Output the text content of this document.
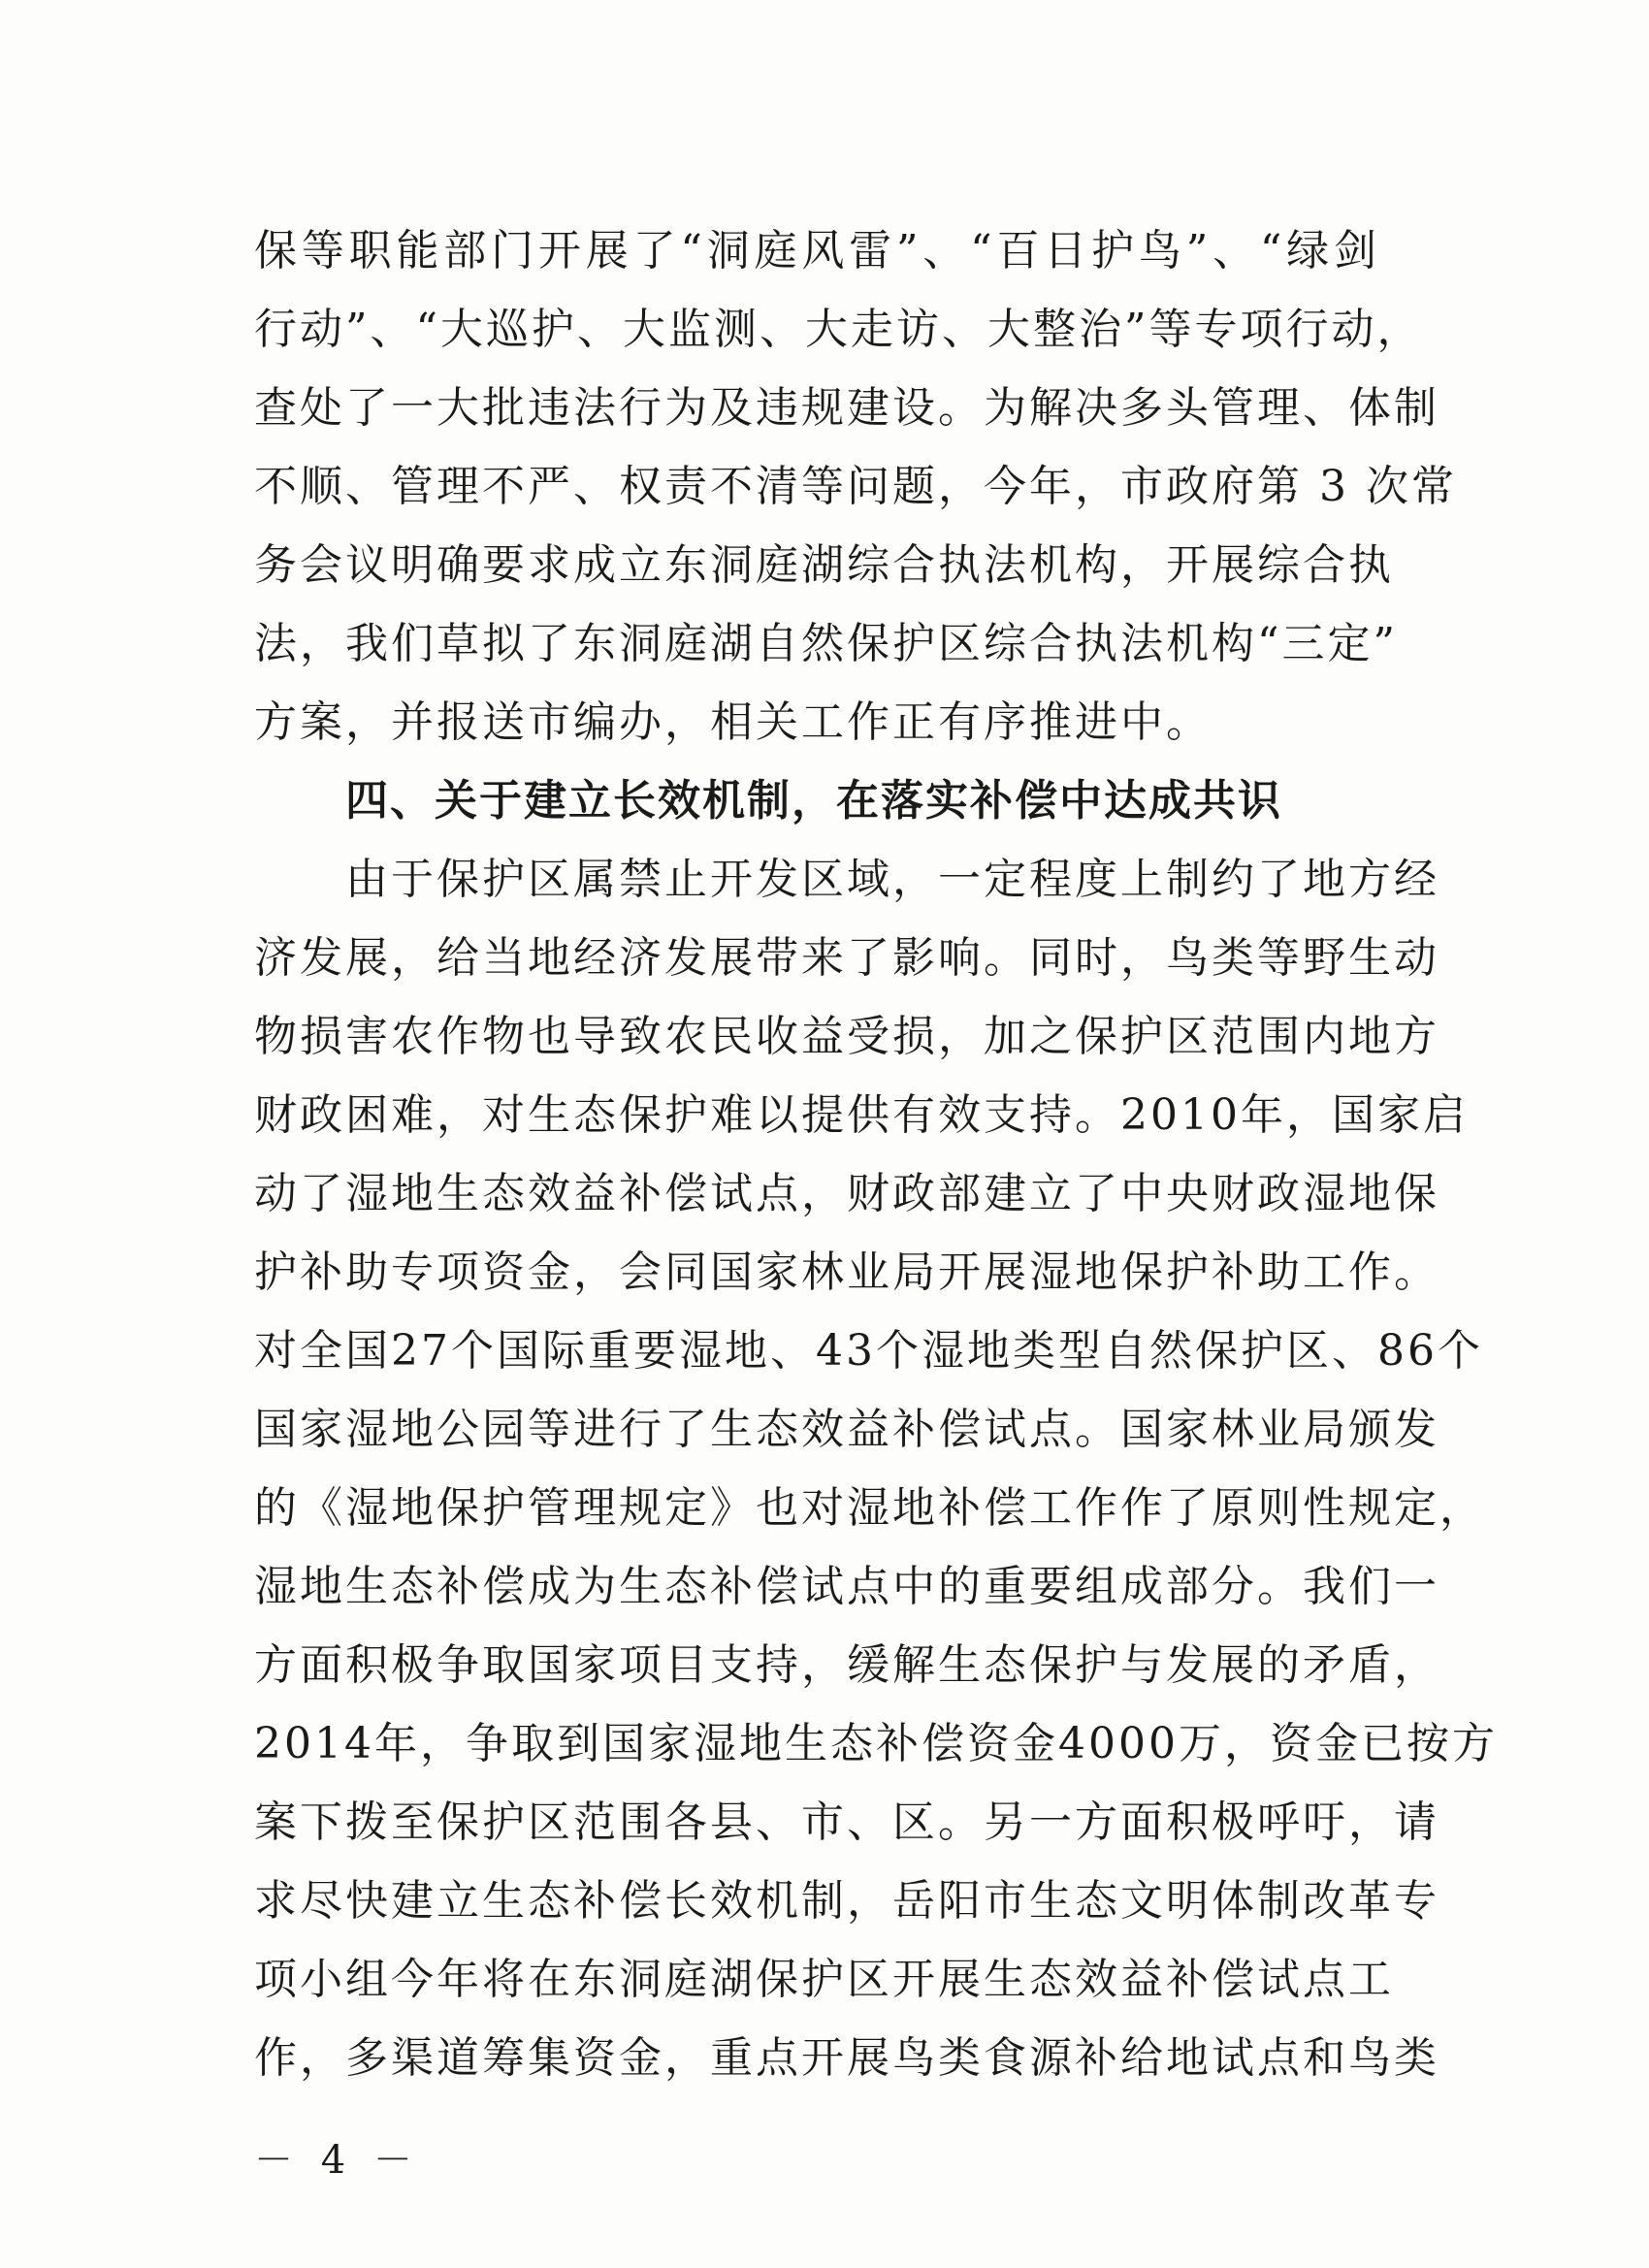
保等职能部门开展了“洞庭风雷”、“百日护鸟”、“绿剑
行动”、“大巡护、大监测、大走访、大整治”等专项行动，
查处了一大批违法行为及违规建设。为解决多头管理、体制
不顺、管理不严、权责不清等问题，今年，市政府第 3 次常
务会议明确要求成立东洞庭湖综合执法机构，开展综合执
法，我们草拟了东洞庭湖自然保护区综合执法机构“三定”
方案，并报送市编办，相关工作正有序推进中。
四、关于建立长效机制，在落实补偿中达成共识
由于保护区属禁止开发区域，一定程度上制约了地方经
济发展，给当地经济发展带来了影响。同时，鸟类等野生动
物损害农作物也导致农民收益受损，加之保护区范围内地方
财政困难，对生态保护难以提供有效支持。2010年，国家启
动了湿地生态效益补偿试点，财政部建立了中央财政湿地保
护补助专项资金，会同国家林业局开展湿地保护补助工作。
对全国27个国际重要湿地、43个湿地类型自然保护区、86个
国家湿地公园等进行了生态效益补偿试点。国家林业局颁发
的《湿地保护管理规定》也对湿地补偿工作作了原则性规定，
湿地生态补偿成为生态补偿试点中的重要组成部分。我们一
方面积极争取国家项目支持，缓解生态保护与发展的矛盾，
2014年，争取到国家湿地生态补偿资金4000万，资金已按方
案下拨至保护区范围各县、市、区。另一方面积极呼吁，请
求尽快建立生态补偿长效机制，岳阳市生态文明体制改革专
项小组今年将在东洞庭湖保护区开展生态效益补偿试点工
作，多渠道筹集资金，重点开展鸟类食源补给地试点和鸟类
－ 4 －
